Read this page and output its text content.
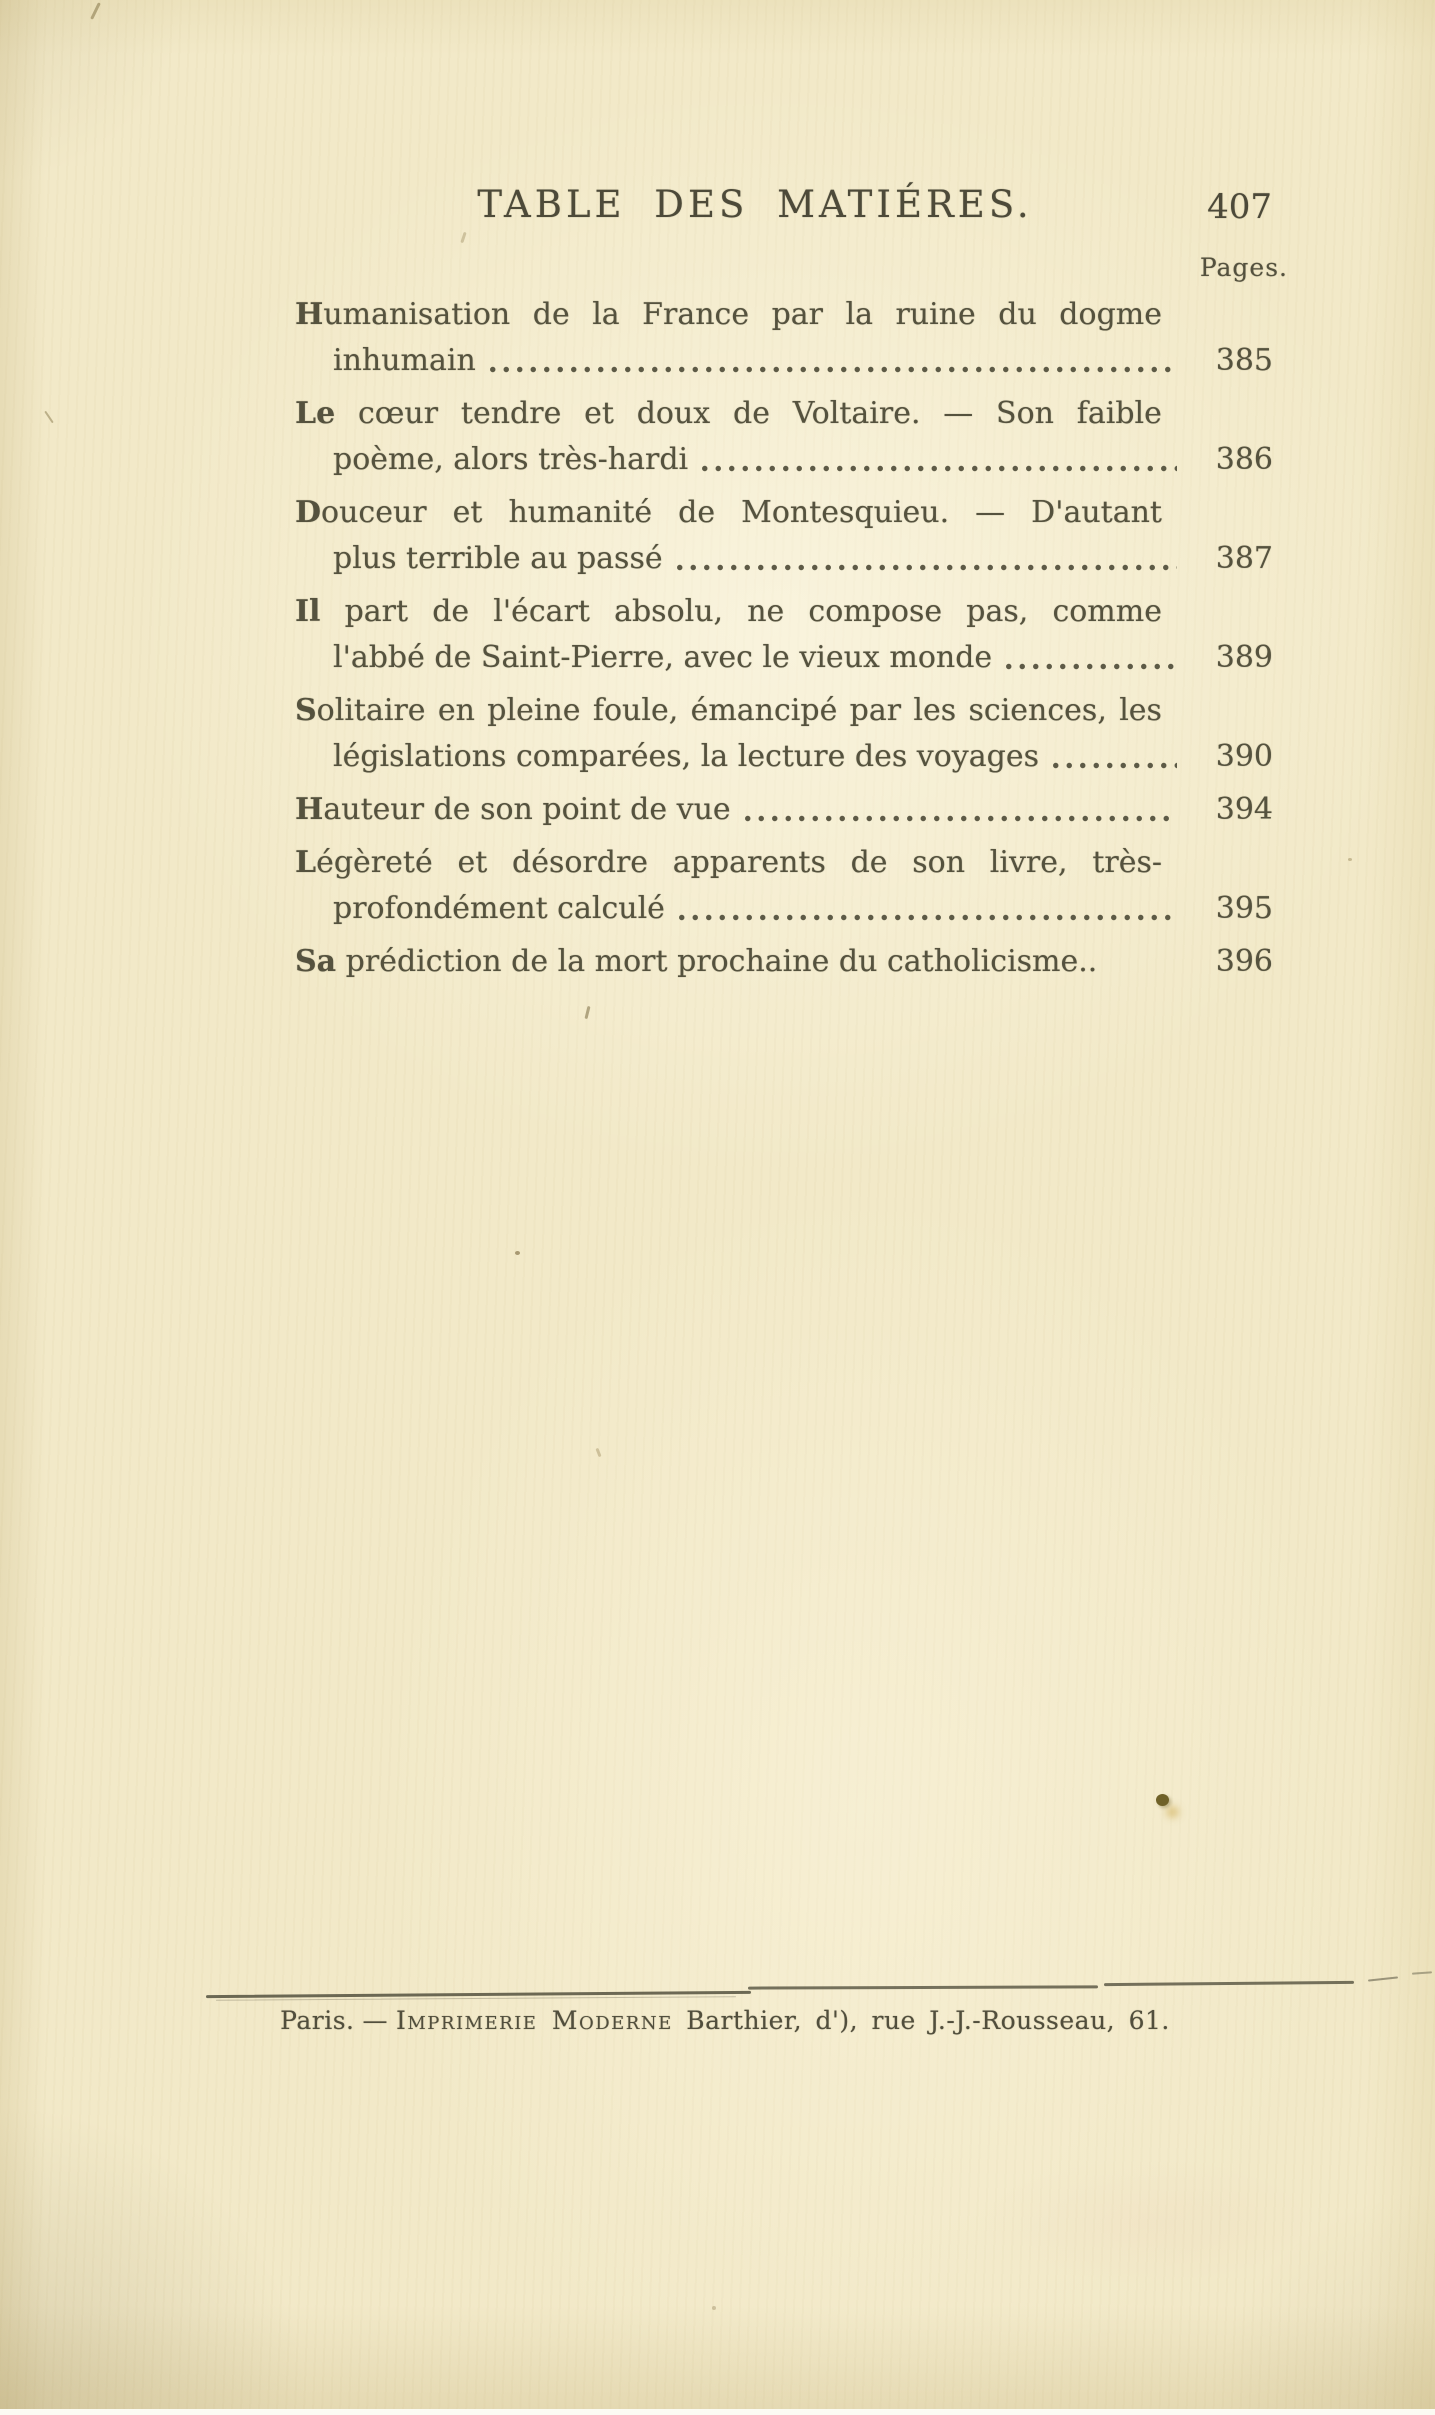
TABLE DES MATIÉRES.	407
Pages.
Humanisation de la France par la ruine du dogme
inhumain	385
Le cœur tendre et doux de Voltaire. — Son faible
poème, alors très-hardi	386
Douceur et humanité de Montesquieu. — D'autant
plus terrible au passé	387
Il part de l'écart absolu, ne compose pas, comme
l'abbé de Saint-Pierre, avec le vieux monde	389
Solitaire en pleine foule, émancipé par les sciences, les
législations comparées, la lecture des voyages	390
Hauteur de son point de vue	394
Légèreté et désordre apparents de son livre, très-
profondément calculé	395
Sa prédiction de la mort prochaine du catholicisme..	396
Paris. — Imprimerie Moderne Barthier, d'), rue J.-J.-Rousseau, 61.
